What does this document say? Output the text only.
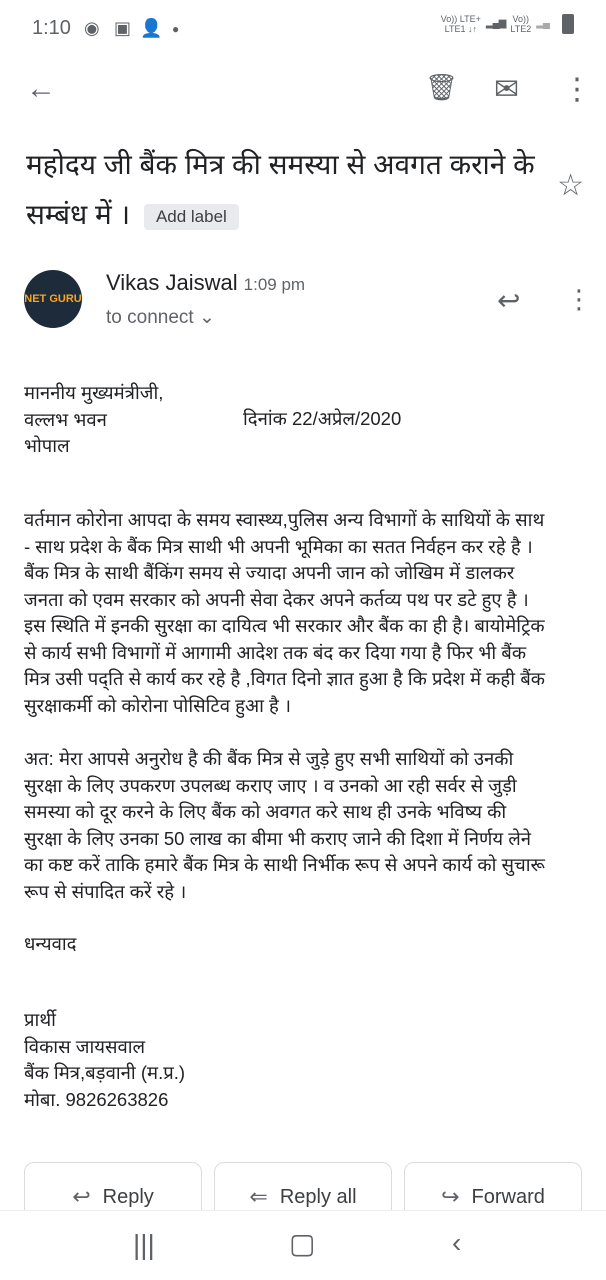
1:10 ◉ ▣ 👤 ●
Vo)) LTE+
LTE1 ↓↑ ▂▄▆ Vo))
LTE2 ▂▄
←	🗑 ✉ ⋮
महोदय जी बैंक मित्र की समस्या से अवगत कराने के सम्बंध में । Add label
☆
NET GURU
Vikas Jaiswal 1:09 pm
to connect ⌄
↩ ⋮
माननीय मुख्यमंत्रीजी,
वल्लभ भवन
भोपाल
दिनांक 22/अप्रेल/2020
वर्तमान कोरोना आपदा के समय स्वास्थ्य,पुलिस अन्य विभागों के साथियों के साथ
- साथ प्रदेश के बैंक मित्र साथी भी अपनी भूमिका का सतत निर्वहन कर रहे है ।
बैंक मित्र के साथी बैंकिंग समय से ज्यादा अपनी जान को जोखिम में डालकर
जनता को एवम सरकार को अपनी सेवा देकर अपने कर्तव्य पथ पर डटे हुए है ।
इस स्थिति में इनकी सुरक्षा का दायित्व भी सरकार और बैंक का ही है। बायोमेट्रिक
से कार्य सभी विभागों में आगामी आदेश तक बंद कर दिया गया है फिर भी बैंक
मित्र उसी पद्ति से कार्य कर रहे है ,विगत दिनो ज्ञात हुआ है कि प्रदेश में कही बैंक
सुरक्षाकर्मी को कोरोना पोसिटिव हुआ है ।
अत: मेरा आपसे अनुरोध है की बैंक मित्र से जुड़े हुए सभी साथियों को उनकी
सुरक्षा के लिए उपकरण उपलब्ध कराए जाए । व उनको आ रही सर्वर से जुड़ी
समस्या को दूर करने के लिए बैंक को अवगत करे साथ ही उनके भविष्य की
सुरक्षा के लिए उनका 50 लाख का बीमा भी कराए जाने की दिशा में निर्णय लेने
का कष्ट करें ताकि हमारे बैंक मित्र के साथी निर्भीक रूप से अपने कार्य को सुचारू
रूप से संपादित करें रहे ।
धन्यवाद
प्रार्थी
विकास जायसवाल
बैंक मित्र,बड़वानी (म.प्र.)
मोबा. 9826263826
↩ Reply	⇐ Reply all	↪ Forward
|||	▢	‹
